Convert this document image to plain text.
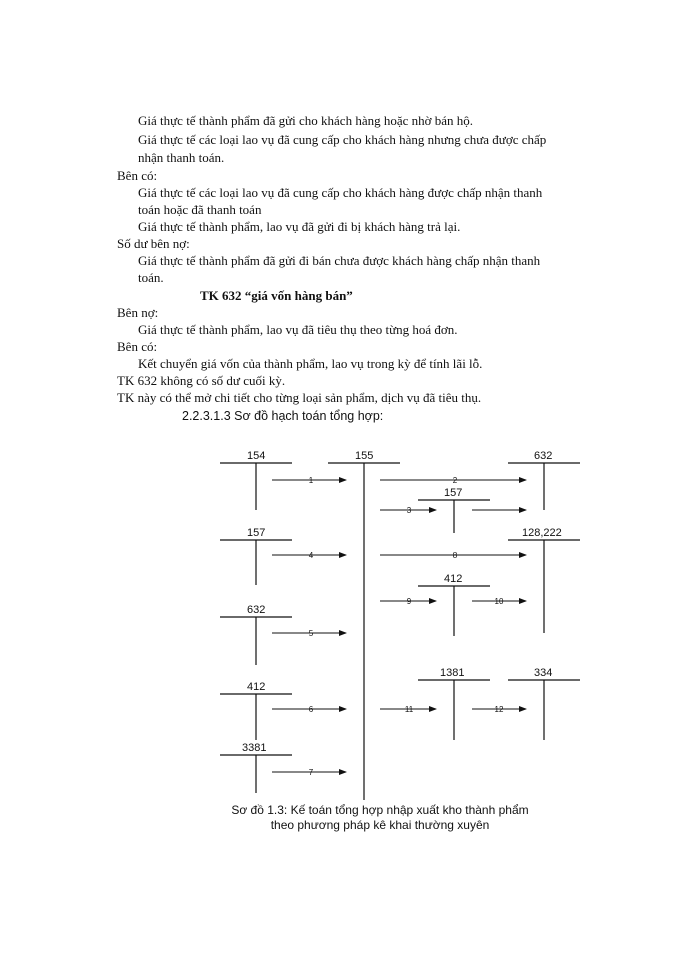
Giá thực tế thành phẩm đã gửi cho khách hàng hoặc nhờ bán hộ.
Giá thực tế các loại lao vụ đã cung cấp cho khách hàng nhưng chưa được chấp
nhận thanh toán.
Bên có:
Giá thực tế các loại lao vụ đã cung cấp cho khách hàng được chấp nhận thanh
toán hoặc đã thanh toán
Giá thực tế thành phẩm, lao vụ đã gửi đi bị khách hàng trả lại.
Số dư bên nợ:
Giá thực tế thành phẩm đã gửi đi bán chưa được khách hàng chấp nhận thanh
toán.
TK 632 “giá vốn hàng bán”
Bên nợ:
Giá thực tế thành phẩm, lao vụ đã tiêu thụ theo từng hoá đơn.
Bên có:
Kết chuyển giá vốn của thành phẩm, lao vụ trong kỳ để tính lãi lỗ.
TK 632 không có số dư cuối kỳ.
TK này có thể mở chi tiết cho từng loại sản phẩm, dịch vụ đã tiêu thụ.
2.2.3.1.3 Sơ đồ hạch toán tổng hợp:
154	155	632
157
157	128,222
412
632
1381	334
412
3381
1	2
3
4	8
9	10
5
6	11	12
7
Sơ đồ 1.3: Kế toán tổng hợp nhập xuất kho thành phẩm
theo phương pháp kê khai thường xuyên
